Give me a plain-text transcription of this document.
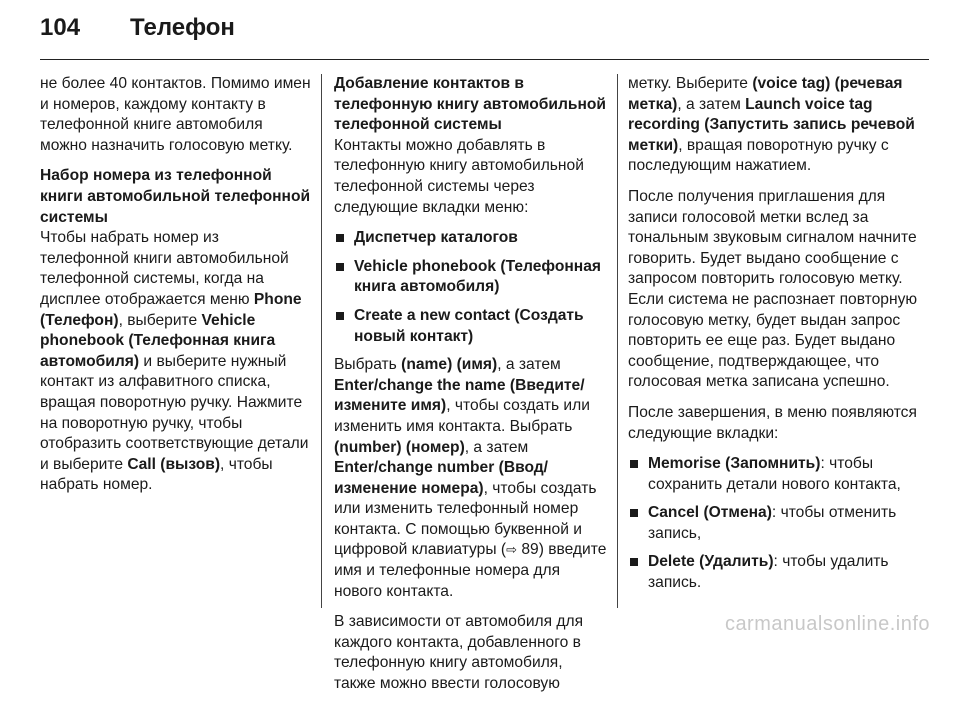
104 Телефон

не более 40 контактов. Помимо имен и номеров, каждому контакту в телефонной книге автомобиля можно назначить голосовую метку.

Набор номера из телефонной книги автомобильной телефонной системы

Чтобы набрать номер из телефонной книги автомобильной телефонной системы, когда на дисплее отображается меню Phone (Телефон), выберите Vehicle phonebook (Телефонная книга автомобиля) и выберите нужный контакт из алфавитного списка, вращая поворотную ручку. Нажмите на поворотную ручку, чтобы отобразить соответствующие детали и выберите Call (вызов), чтобы набрать номер.

Добавление контактов в телефонную книгу автомобильной телефонной системы

Контакты можно добавлять в телефонную книгу автомобильной телефонной системы через следующие вкладки меню:

Диспетчер каталогов
Vehicle phonebook (Телефонная книга автомобиля)
Create a new contact (Создать новый контакт)

Выбрать (name) (имя), а затем Enter/change the name (Введите/измените имя), чтобы создать или изменить имя контакта. Выбрать (number) (номер), а затем Enter/change number (Ввод/изменение номера), чтобы создать или изменить телефонный номер контакта. С помощью буквенной и цифровой клавиатуры (⇨ 89) введите имя и телефонные номера для нового контакта.

В зависимости от автомобиля для каждого контакта, добавленного в телефонную книгу автомобиля, также можно ввести голосовую

метку. Выберите (voice tag) (речевая метка), а затем Launch voice tag recording (Запустить запись речевой метки), вращая поворотную ручку с последующим нажатием.

После получения приглашения для записи голосовой метки вслед за тональным звуковым сигналом начните говорить. Будет выдано сообщение с запросом повторить голосовую метку. Если система не распознает повторную голосовую метку, будет выдан запрос повторить ее еще раз. Будет выдано сообщение, подтверждающее, что голосовая метка записана успешно.

После завершения, в меню появляются следующие вкладки:

Memorise (Запомнить): чтобы сохранить детали нового контакта,
Cancel (Отмена): чтобы отменить запись,
Delete (Удалить): чтобы удалить запись.
carmanualsonline.info
